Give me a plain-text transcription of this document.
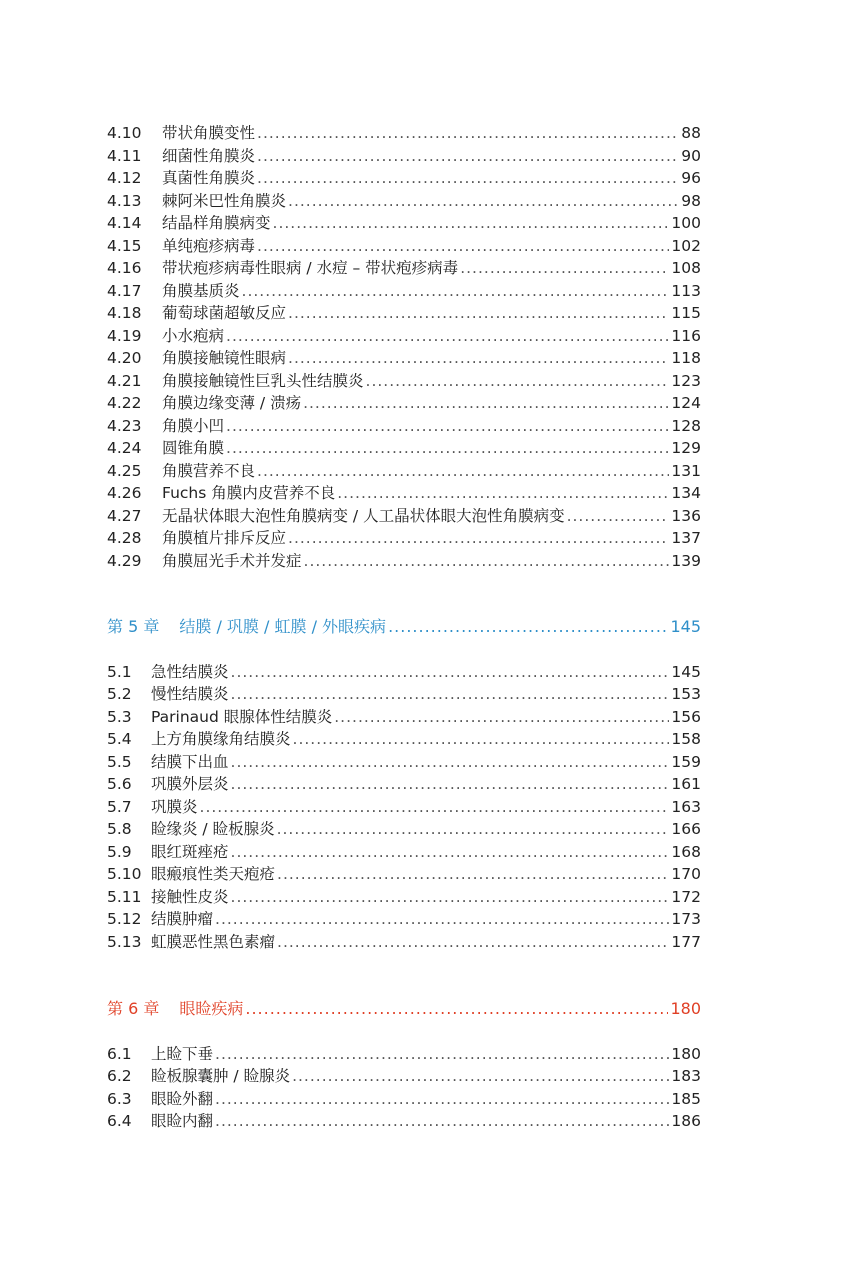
4.10	带状角膜变性 .....	88
4.11	细菌性角膜炎 .....	90
4.12	真菌性角膜炎 .....	96
4.13	棘阿米巴性角膜炎 .....	98
4.14	结晶样角膜病变 .....	100
4.15	单纯疱疹病毒 .....	102
4.16	带状疱疹病毒性眼病 / 水痘 – 带状疱疹病毒 .....	108
4.17	角膜基质炎 .....	113
4.18	葡萄球菌超敏反应 .....	115
4.19	小水疱病 .....	116
4.20	角膜接触镜性眼病 .....	118
4.21	角膜接触镜性巨乳头性结膜炎 .....	123
4.22	角膜边缘变薄 / 溃疡 .....	124
4.23	角膜小凹 .....	128
4.24	圆锥角膜 .....	129
4.25	角膜营养不良 .....	131
4.26	Fuchs 角膜内皮营养不良 .....	134
4.27	无晶状体眼大泡性角膜病变 / 人工晶状体眼大泡性角膜病变 .....	136
4.28	角膜植片排斥反应 .....	137
4.29	角膜屈光手术并发症 .....	139
第 5 章 结膜 / 巩膜 / 虹膜 / 外眼疾病 .....	145
5.1	急性结膜炎 .....	145
5.2	慢性结膜炎 .....	153
5.3	Parinaud 眼腺体性结膜炎 .....	156
5.4	上方角膜缘角结膜炎 .....	158
5.5	结膜下出血 .....	159
5.6	巩膜外层炎 .....	161
5.7	巩膜炎 .....	163
5.8	睑缘炎 / 睑板腺炎 .....	166
5.9	眼红斑痤疮 .....	168
5.10 眼瘢痕性类天疱疮 .....	170
5.11 接触性皮炎 .....	172
5.12 结膜肿瘤 .....	173
5.13 虹膜恶性黑色素瘤 .....	177
第 6 章 眼睑疾病 .....	180
6.1	上睑下垂 .....	180
6.2	睑板腺囊肿 / 睑腺炎 .....	183
6.3	眼睑外翻 .....	185
6.4	眼睑内翻 .....	186
